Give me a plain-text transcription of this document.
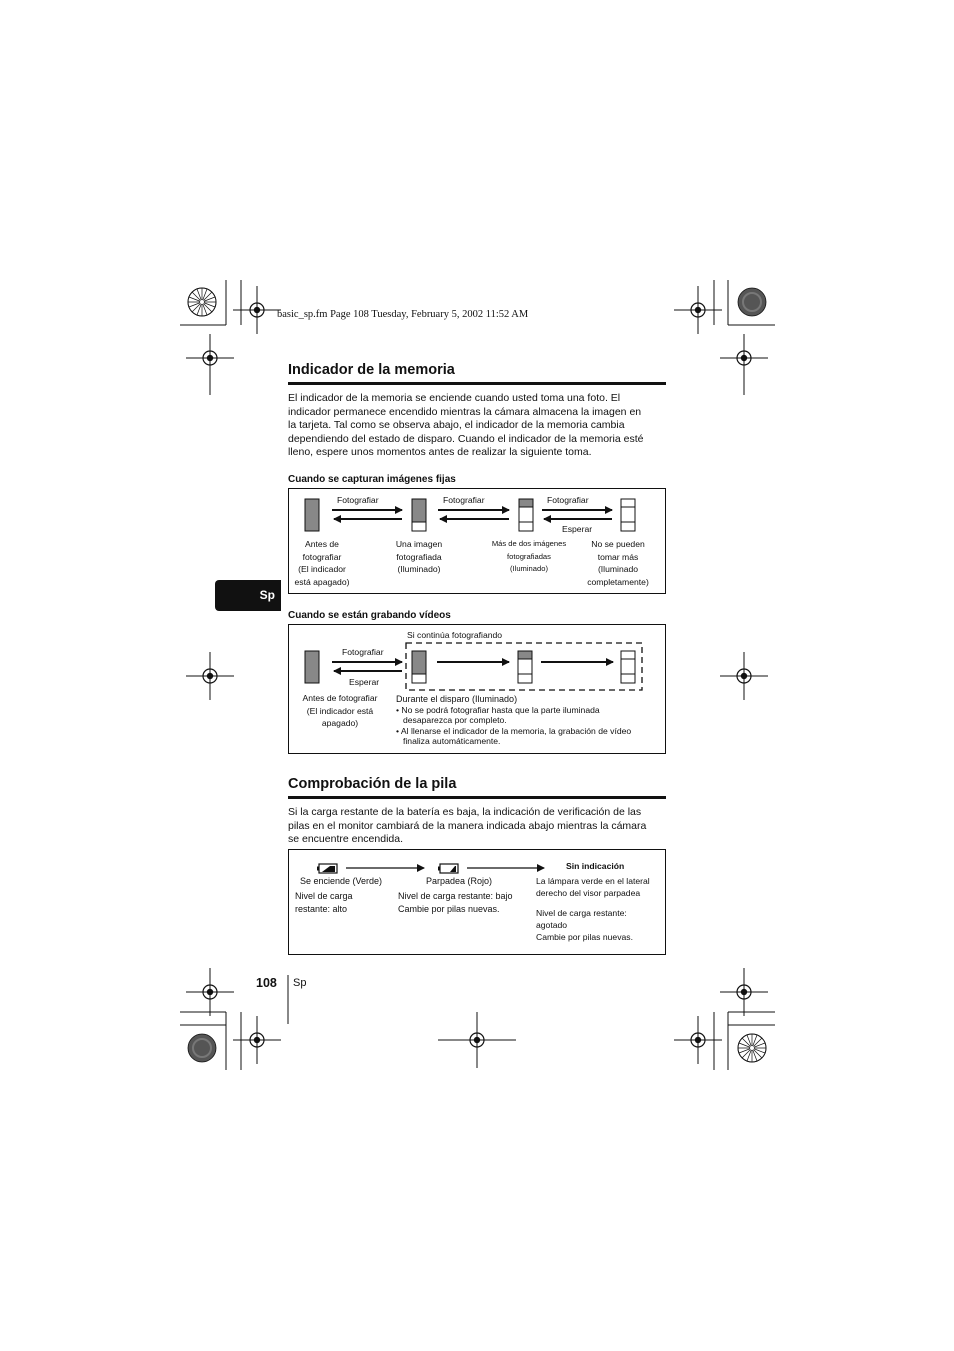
basic_sp.fm Page 108 Tuesday, February 5, 2002 11:52 AM
Indicador de la memoria

El indicador de la memoria se enciende cuando usted toma una foto. El

indicador permanece encendido mientras la cámara almacena la imagen en

la tarjeta. Tal como se observa abajo, el indicador de la memoria cambia

dependiendo del estado de disparo. Cuando el indicador de la memoria esté

lleno, espere unos momentos antes de realizar la siguiente toma.

Cuando se capturan imágenes fijas
Fotografiar	Fotografiar	Fotografiar
Esperar

Antes de

fotografiar

(El indicador

está apagado)

Una imagen

fotografiada

(Iluminado)

Más de dos imágenes

fotografiadas

(Iluminado)

No se pueden

tomar más

(Iluminado

completamente)

Sp
Cuando se están grabando vídeos
Si continúa fotografiando
Fotografiar
Esperar

Antes de fotografiar

(El indicador está

apagado)

Durante el disparo (Iluminado)

• No se podrá fotografiar hasta que la parte iluminada

desaparezca por completo.

• Al llenarse el indicador de la memoria, la grabación de vídeo

finaliza automáticamente.

Comprobación de la pila

Si la carga restante de la batería es baja, la indicación de verificación de las

pilas en el monitor cambiará de la manera indicada abajo mientras la cámara

se encuentre encendida.

Se enciende (Verde)	Parpadea (Rojo)
Sin indicación

Nivel de carga

restante: alto

Nivel de carga restante: bajo

Cambie por pilas nuevas.

La lámpara verde en el lateral

derecho del visor parpadea

Nivel de carga restante:

agotado

Cambie por pilas nuevas.

108 Sp
